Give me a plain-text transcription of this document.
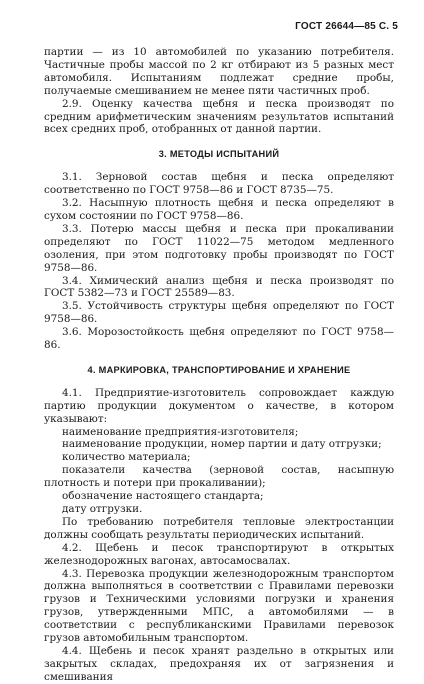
ГОСТ 26644—85 С. 5

партии — из 10 автомобилей по указанию потребителя. Частичные пробы массой по 2 кг отбирают из 5 разных мест автомобиля. Испытаниям подлежат средние пробы, получаемые смешиванием не менее пяти частичных проб.

2.9. Оценку качества щебня и песка производят по средним арифметическим значениям результатов испытаний всех средних проб, отобранных от данной партии.

3. МЕТОДЫ ИСПЫТАНИЙ

3.1. Зерновой состав щебня и песка определяют соответственно по ГОСТ 9758—86 и ГОСТ 8735—75.

3.2. Насыпную плотность щебня и песка определяют в сухом состоянии по ГОСТ 9758—86.

3.3. Потерю массы щебня и песка при прокаливании определяют по ГОСТ 11022—75 методом медленного озоления, при этом подготовку пробы производят по ГОСТ 9758—86.

3.4. Химический анализ щебня и песка производят по ГОСТ 5382—73 и ГОСТ 25589—83.

3.5. Устойчивость структуры щебня определяют по ГОСТ 9758—86.

3.6. Морозостойкость щебня определяют по ГОСТ 9758—86.

4. МАРКИРОВКА, ТРАНСПОРТИРОВАНИЕ И ХРАНЕНИЕ

4.1. Предприятие-изготовитель сопровождает каждую партию продукции документом о качестве, в котором указывают:

наименование предприятия-изготовителя;

наименование продукции, номер партии и дату отгрузки;

количество материала;

показатели качества (зерновой состав, насыпную плотность и потери при прокаливании);

обозначение настоящего стандарта;

дату отгрузки.

По требованию потребителя тепловые электростанции должны сообщать результаты периодических испытаний.

4.2. Щебень и песок транспортируют в открытых железнодорожных вагонах, автосамосвалах.

4.3. Перевозка продукции железнодорожным транспортом должна выполняться в соответствии с Правилами перевозки грузов и Техническими условиями погрузки и хранения грузов, утвержденными МПС, а автомобилями — в соответствии с республиканскими Правилами перевозок грузов автомобильным транспортом.

4.4. Щебень и песок хранят раздельно в открытых или закрытых складах, предохраняя их от загрязнения и смешивания
